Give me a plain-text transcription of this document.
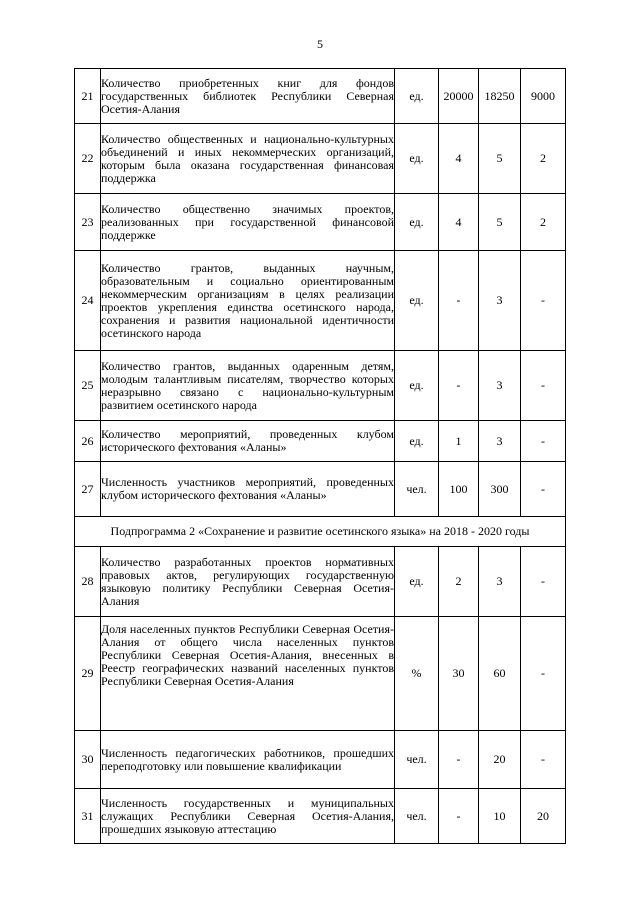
5
21	Количество приобретенных книг для фондов государственных библиотек Республики Северная Осетия-Алания	ед.	20000	18250	9000
22	Количество общественных и национально-культурных объединений и иных некоммерческих организаций, которым была оказана государственная финансовая поддержка	ед.	4	5	2
23	Количество общественно значимых проектов, реализованных при государственной финансовой поддержке	ед.	4	5	2
24	Количество грантов, выданных научным, образовательным и социально ориентированным некоммерческим организациям в целях реализации проектов укрепления единства осетинского народа, сохранения и развития национальной идентичности осетинского народа	ед.	-	3	-
25	Количество грантов, выданных одаренным детям, молодым талантливым писателям, творчество которых неразрывно связано с национально-культурным развитием осетинского народа	ед.	-	3	-
26	Количество мероприятий, проведенных клубом исторического фехтования «Аланы»	ед.	1	3	-
27	Численность участников мероприятий, проведенных клубом исторического фехтования «Аланы»	чел.	100	300	-
Подпрограмма 2 «Сохранение и развитие осетинского языка» на 2018 - 2020 годы					
28	Количество разработанных проектов нормативных правовых актов, регулирующих государственную языковую политику Республики Северная Осетия-Алания	ед.	2	3	-
29	Доля населенных пунктов Республики Северная Осетия-Алания от общего числа населенных пунктов Республики Северная Осетия-Алания, внесенных в Реестр географических названий населенных пунктов Республики Северная Осетия-Алания	%	30	60	-
30	Численность педагогических работников, прошедших переподготовку или повышение квалификации	чел.	-	20	-
31	Численность государственных и муниципальных служащих Республики Северная Осетия-Алания, прошедших языковую аттестацию	чел.	-	10	20
